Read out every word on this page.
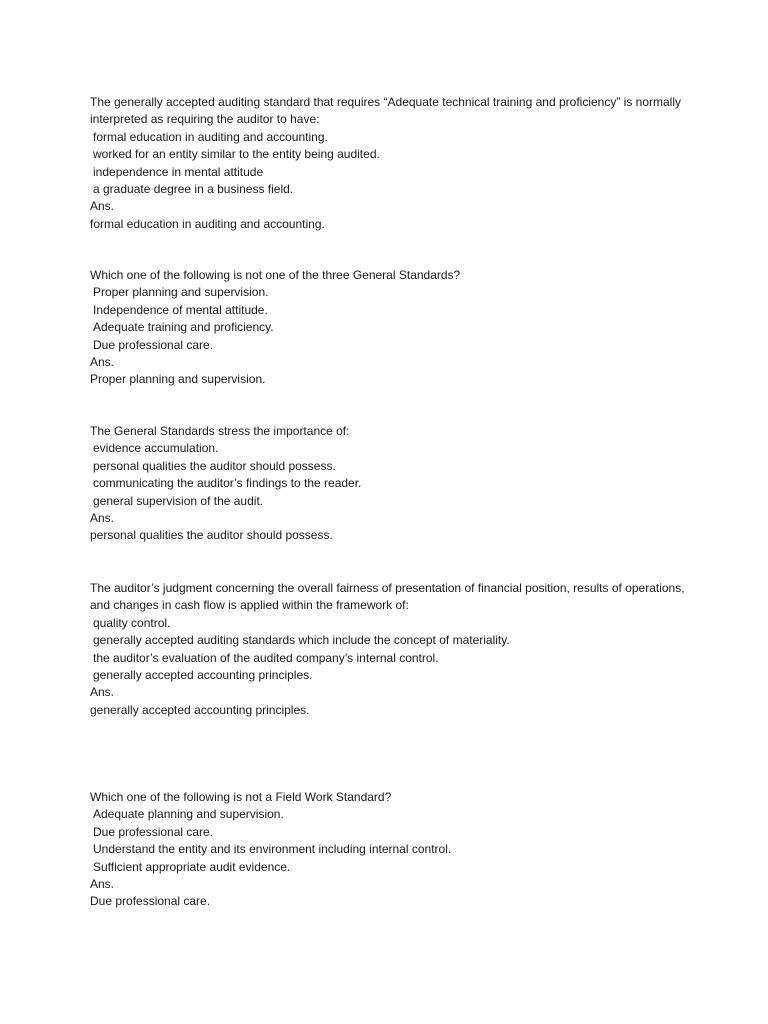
The generally accepted auditing standard that requires “Adequate technical training and proficiency” is normally interpreted as requiring the auditor to have:
formal education in auditing and accounting.
worked for an entity similar to the entity being audited.
independence in mental attitude
a graduate degree in a business field.
Ans.
formal education in auditing and accounting.
Which one of the following is not one of the three General Standards?
Proper planning and supervision.
Independence of mental attitude.
Adequate training and proficiency.
Due professional care.
Ans.
Proper planning and supervision.
The General Standards stress the importance of:
evidence accumulation.
personal qualities the auditor should possess.
communicating the auditor’s findings to the reader.
general supervision of the audit.
Ans.
personal qualities the auditor should possess.
The auditor’s judgment concerning the overall fairness of presentation of financial position, results of operations, and changes in cash flow is applied within the framework of:
quality control.
generally accepted auditing standards which include the concept of materiality.
the auditor’s evaluation of the audited company’s internal control.
generally accepted accounting principles.
Ans.
generally accepted accounting principles.
Which one of the following is not a Field Work Standard?
Adequate planning and supervision.
Due professional care.
Understand the entity and its environment including internal control.
Sufficient appropriate audit evidence.
Ans.
Due professional care.
